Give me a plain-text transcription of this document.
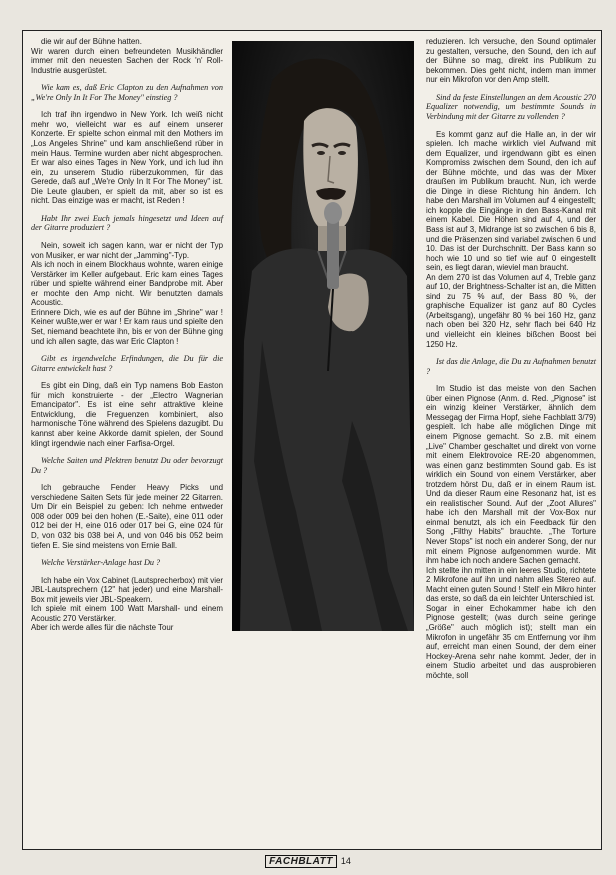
die wir auf der Bühne hatten.

Wir waren durch einen befreundeten Musikhändler immer mit den neuesten Sachen der Rock 'n' Roll-Industrie ausgerüstet.

Wie kam es, daß Eric Clapton zu den Aufnahmen von „We're Only In It For The Money" einstieg ?

Ich traf ihn irgendwo in New York. Ich weiß nicht mehr wo, vielleicht war es auf einem unserer Konzerte. Er spielte schon einmal mit den Mothers im „Los Angeles Shrine" und kam anschließend rüber in mein Haus. Termine wurden aber nicht abgesprochen. Er war also eines Tages in New York, und ich lud ihn ein, zu unserem Studio rüberzukommen, für das Gerede, daß auf „We're Only In It For The Money" ist. Die Leute glauben, er spielt da mit, aber so ist es nicht. Das einzige was er macht, ist Reden !

Habt Ihr zwei Euch jemals hingesetzt und Ideen auf der Gitarre produziert ?

Nein, soweit ich sagen kann, war er nicht der Typ von Musiker, er war nicht der „Jamming"-Typ.

Als ich noch in einem Blockhaus wohnte, waren einige Verstärker im Keller aufgebaut. Eric kam eines Tages rüber und spielte während einer Bandprobe mit. Aber er mochte den Amp nicht. Wir benutzten damals Acoustic.

Erinnere Dich, wie es auf der Bühne im „Shrine" war ! Keiner wußte,wer er war ! Er kam raus und spielte den Set, niemand beachtete ihn, bis er von der Bühne ging und ich allen sagte, das war Eric Clapton !

Gibt es irgendwelche Erfindungen, die Du für die Gitarre entwickelt hast ?

Es gibt ein Ding, daß ein Typ namens Bob Easton für mich konstruierte - der „Electro Wagnerian Emancipator". Es ist eine sehr attraktive kleine Entwicklung, die Freguenzen kombiniert, also harmonische Töne während des Spielens dazugibt. Du kannst aber keine Akkorde damit spielen, der Sound klingt irgendwie nach einer Farfisa-Orgel.

Welche Saiten und Plektren benutzt Du oder bevorzugt Du ?

Ich gebrauche Fender Heavy Picks und verschiedene Saiten Sets für jede meiner 22 Gitarren. Um Dir ein Beispiel zu geben: Ich nehme entweder 008 oder 009 bei den hohen (E.-Saite), eine 011 oder 012 bei der H, eine 016 oder 017 bei G, eine 024 für D, von 032 bis 038 bei A, und von 046 bis 052 beim tiefen E. Sie sind meistens von Ernie Ball.

Welche Verstärker-Anlage hast Du ?

Ich habe ein Vox Cabinet (Lautsprecherbox) mit vier JBL-Lautsprechern (12" hat jeder) und eine Marshall-Box mit jeweils vier JBL-Speakern.

Ich spiele mit einem 100 Watt Marshall- und einem Acoustic 270 Verstärker.

Aber ich werde alles für die nächste Tour

reduzieren. Ich versuche, den Sound optimaler zu gestalten, versuche, den Sound, den ich auf der Bühne so mag, direkt ins Publikum zu bekommen. Dies geht nicht, indem man immer nur ein Mikrofon vor den Amp stellt.

Sind da feste Einstellungen an dem Acoustic 270 Equalizer notwendig, um bestimmte Sounds in Verbindung mit der Gitarre zu vollenden ?

Es kommt ganz auf die Halle an, in der wir spielen. Ich mache wirklich viel Aufwand mit dem Equalizer, und irgendwann gibt es einen Kompromiss zwischen dem Sound, den ich auf der Bühne möchte, und das was der Mixer draußen im Publikum braucht. Nun, ich werde die Dinge in diese Richtung hin ändern. Ich habe den Marshall im Volumen auf 4 eingestellt; ich kopple die Eingänge in den Bass-Kanal mit einem Kabel. Die Höhen sind auf 4, und der Bass ist auf 3, Midrange ist so zwischen 6 bis 8, und die Präsenzen sind variabel zwischen 6 und 10. Das ist der Durchschnitt. Der Bass kann so hoch wie 10 und so tief wie auf 0 eingestellt sein, es liegt daran, wieviel man braucht.

An dem 270 ist das Volumen auf 4, Treble ganz auf 10, der Brightness-Schalter ist an, die Mitten sind zu 75 % auf, der Bass 80 %, der graphische Equalizer ist ganz auf 80 Cycles (Arbeitsgang), ungefähr 80 % bei 160 Hz, ganz nach oben bei 320 Hz, sehr flach bei 640 Hz und vielleicht ein kleines bißchen Boost bei 1250 Hz.

Ist das die Anlage, die Du zu Aufnahmen benutzt ?

Im Studio ist das meiste von den Sachen über einen Pignose (Anm. d. Red. „Pignose" ist ein winzig kleiner Verstärker, ähnlich dem Messegag der Firma Hopf, siehe Fachblatt 3/79) gespielt. Ich habe alle möglichen Dinge mit einem Pignose gemacht. So z.B. mit einem „Live" Chamber geschaltet und direkt von vorne mit einem Elektrovoice RE-20 abgenommen, was einen ganz bestimmten Sound gab. Es ist wirklich ein Sound von einem Verstärker, aber trotzdem hörst Du, daß er in einem Raum ist. Und da dieser Raum eine Resonanz hat, ist es ein realistischer Sound. Auf der „Zoot Allures" habe ich den Marshall mit der Vox-Box nur einmal benutzt, als ich ein Feedback für den Song „Filthy Habits" brauchte. „The Torture Never Stops" ist noch ein anderer Song, der nur mit einem Pignose aufgenommen wurde. Mit ihm habe ich noch andere Sachen gemacht.

Ich stellte ihn mitten in ein leeres Studio, richtete 2 Mikrofone auf ihn und nahm alles Stereo auf. Macht einen guten Sound ! Stell' ein Mikro hinter das erste, so daß da ein leichter Unterschied ist.

Sogar in einer Echokammer habe ich den Pignose gestellt; (was durch seine geringe „Größe" auch möglich ist); stellt man ein Mikrofon in ungefähr 35 cm Entfernung vor ihm auf, erreicht man einen Sound, der dem einer Hockey-Arena sehr nahe kommt. Jeder, der in einem Studio arbeitet und das ausprobieren möchte, soll

FACHBLATT 14
